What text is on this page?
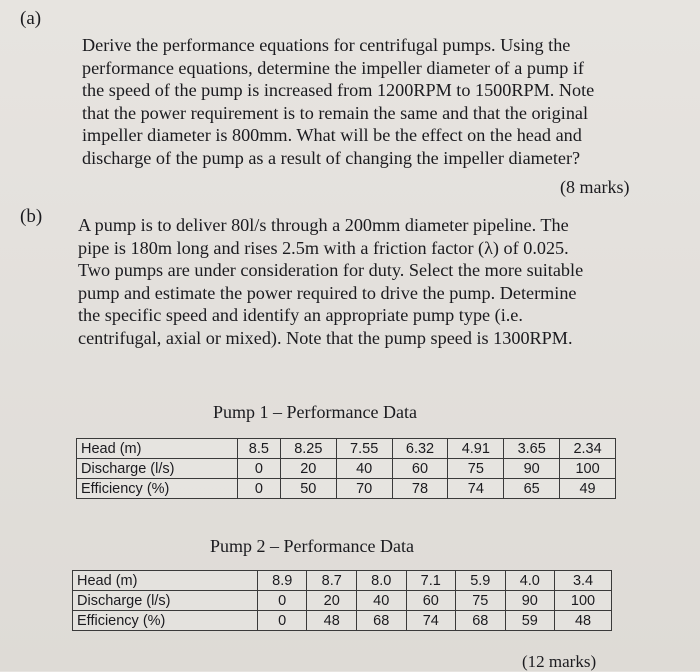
(a)
Derive the performance equations for centrifugal pumps. Using the
performance equations, determine the impeller diameter of a pump if
the speed of the pump is increased from 1200RPM to 1500RPM. Note
that the power requirement is to remain the same and that the original
impeller diameter is 800mm. What will be the effect on the head and
discharge of the pump as a result of changing the impeller diameter?
(8 marks)
(b) A pump is to deliver 80l/s through a 200mm diameter pipeline. The
pipe is 180m long and rises 2.5m with a friction factor (λ) of 0.025.
Two pumps are under consideration for duty. Select the more suitable
pump and estimate the power required to drive the pump. Determine
the specific speed and identify an appropriate pump type (i.e.
centrifugal, axial or mixed). Note that the pump speed is 1300RPM.
Pump 1 – Performance Data
Head (m)	8.5	8.25	7.55	6.32	4.91	3.65	2.34
Discharge (l/s)	0	20	40	60	75	90	100
Efficiency (%)	0	50	70	78	74	65	49
Pump 2 – Performance Data
Head (m)	8.9	8.7	8.0	7.1	5.9	4.0	3.4
Discharge (l/s)	0	20	40	60	75	90	100
Efficiency (%)	0	48	68	74	68	59	48
(12 marks)
